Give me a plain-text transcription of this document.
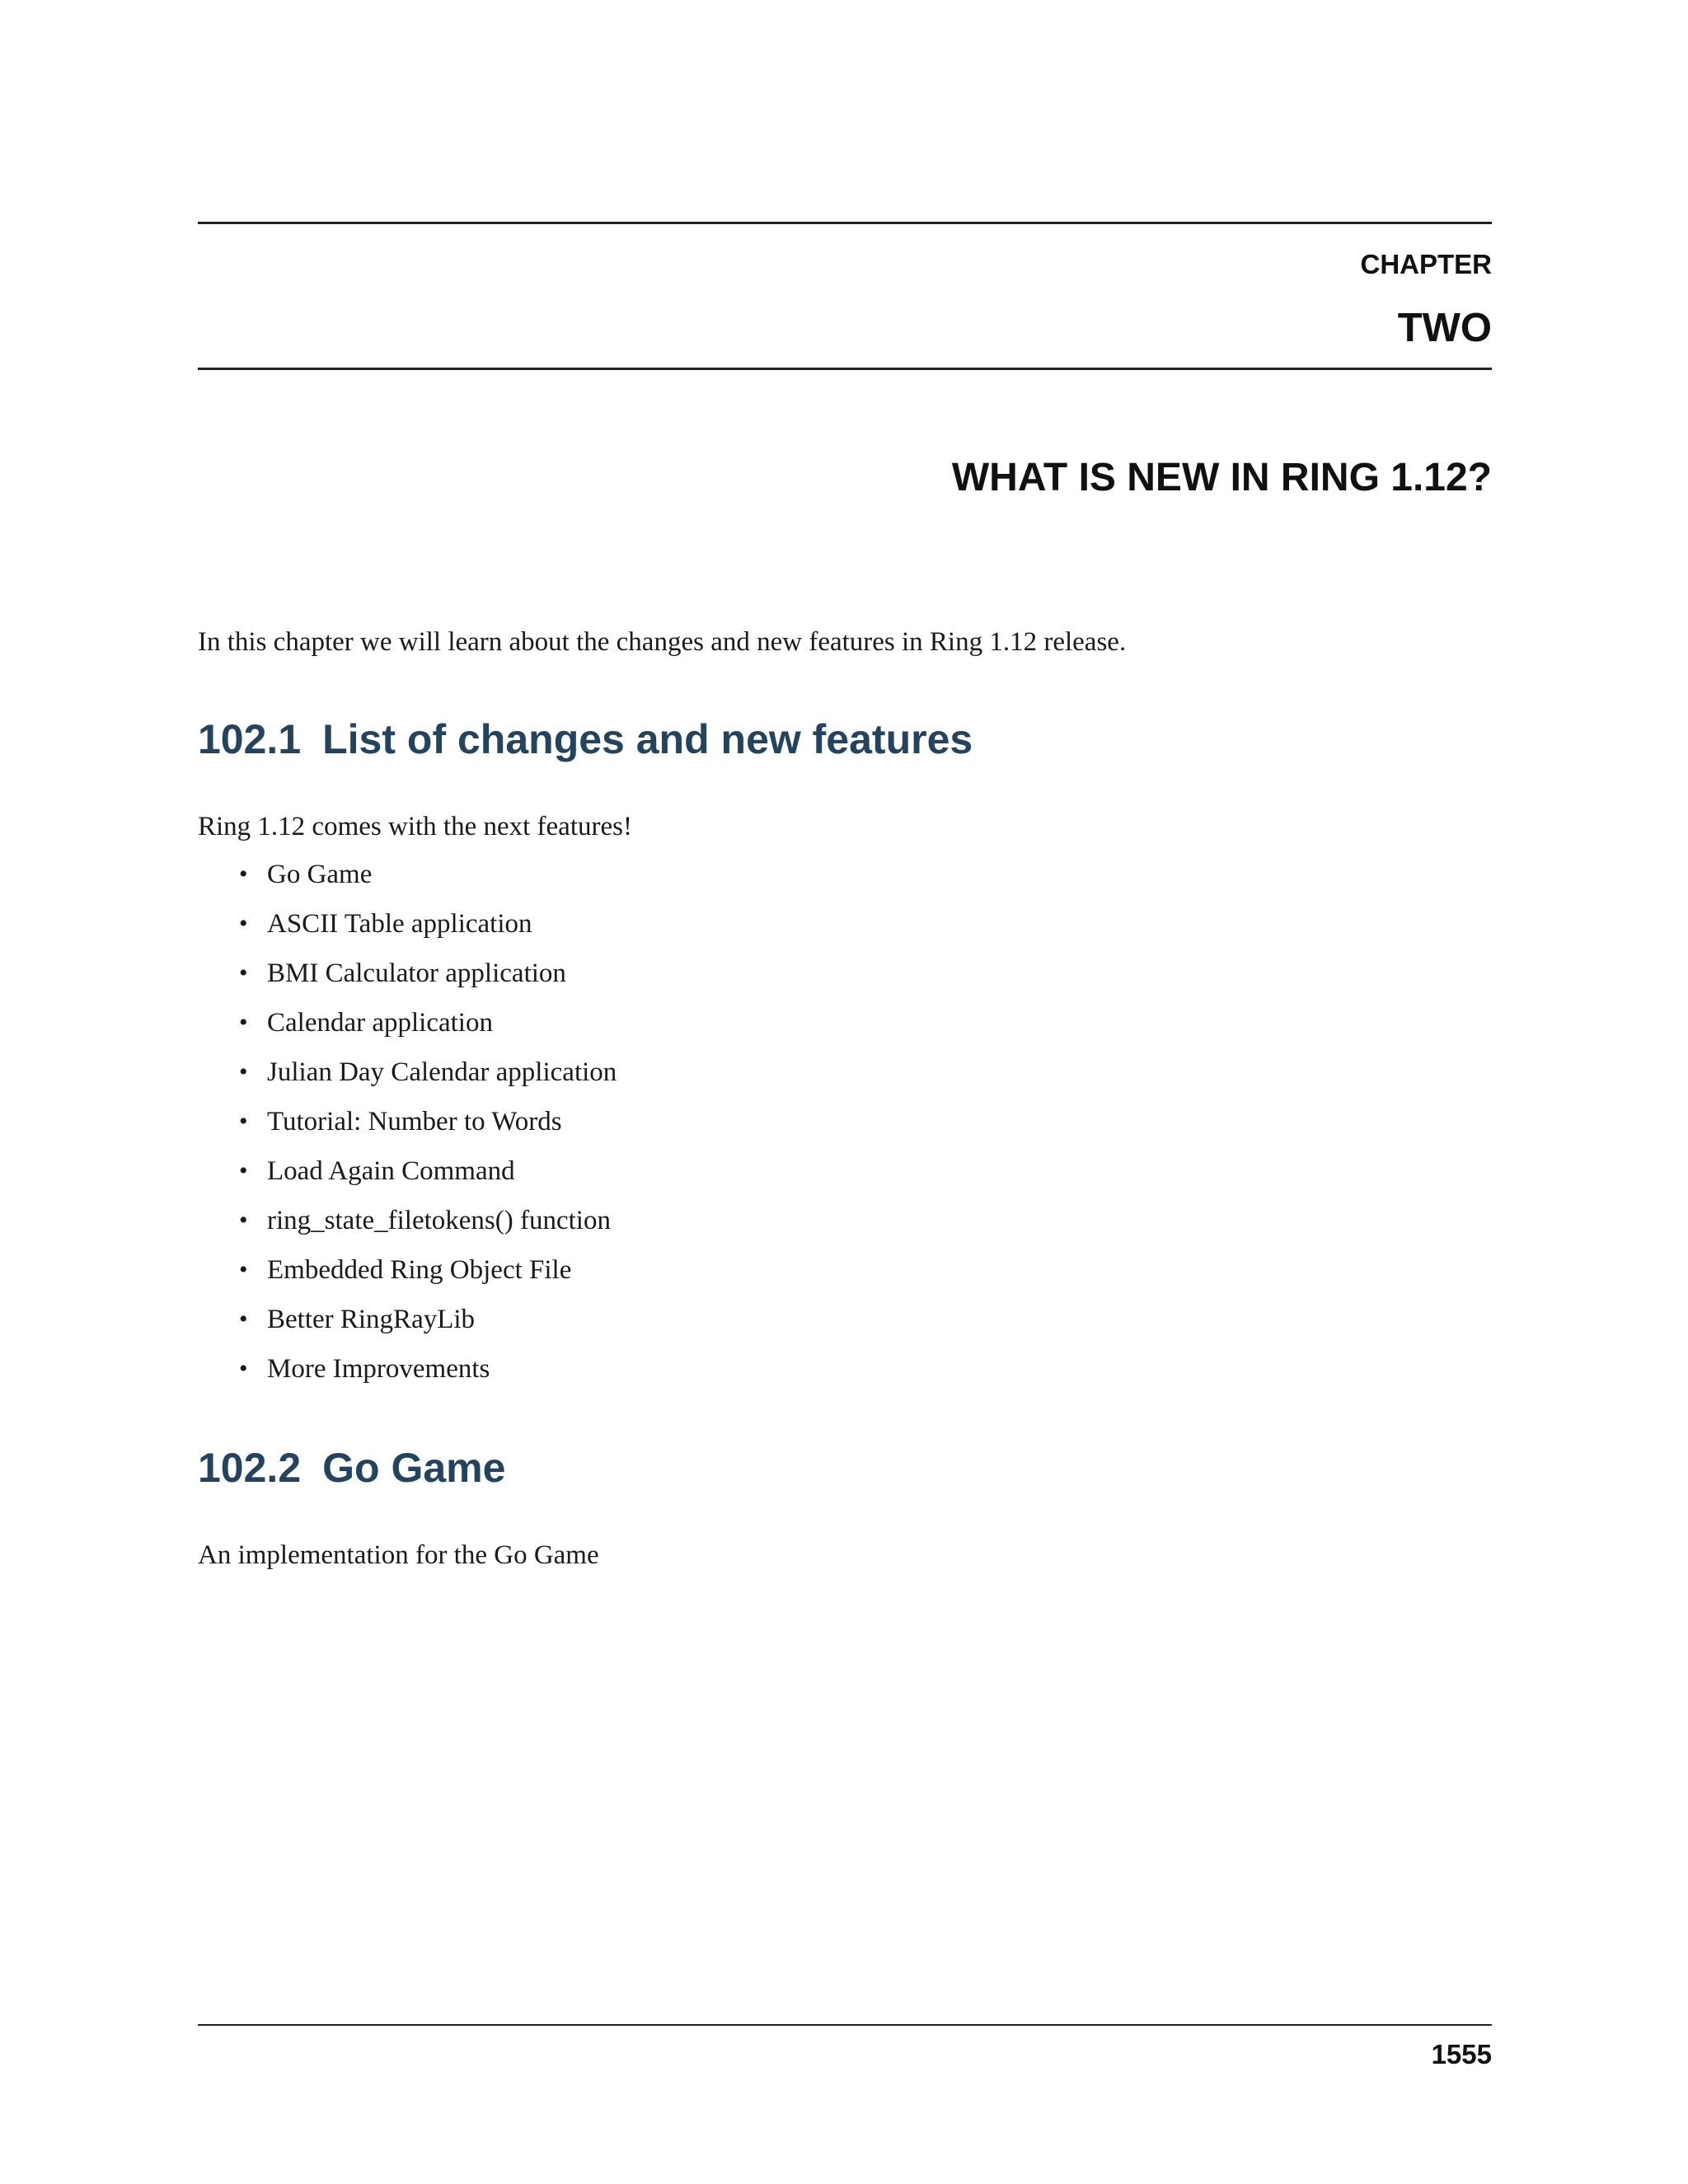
CHAPTER
TWO
WHAT IS NEW IN RING 1.12?

In this chapter we will learn about the changes and new features in Ring 1.12 release.

102.1 List of changes and new features

Ring 1.12 comes with the next features!

• Go Game
• ASCII Table application
• BMI Calculator application
• Calendar application
• Julian Day Calendar application
• Tutorial: Number to Words
• Load Again Command
• ring_state_filetokens() function
• Embedded Ring Object File
• Better RingRayLib
• More Improvements
102.2 Go Game

An implementation for the Go Game

1555
